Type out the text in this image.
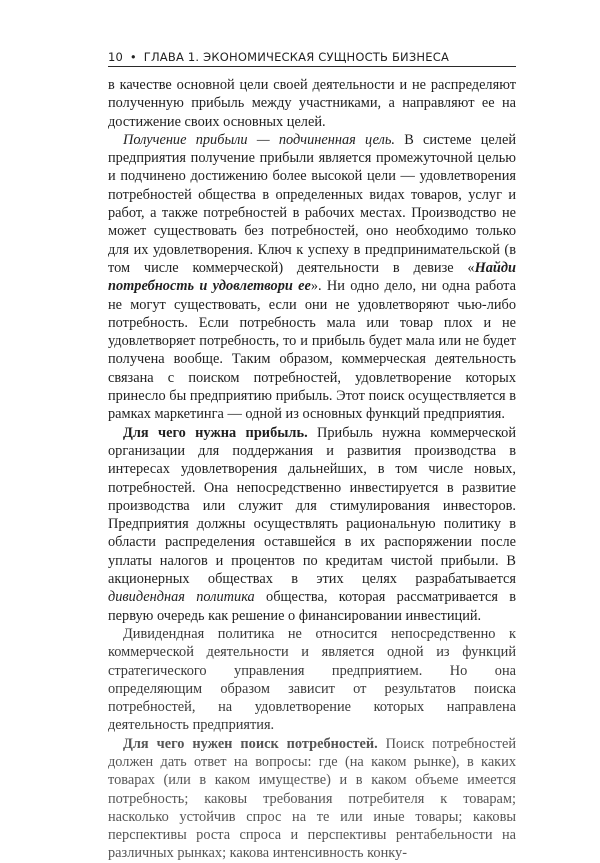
10 • ГЛАВА 1. ЭКОНОМИЧЕСКАЯ СУЩНОСТЬ БИЗНЕСА

в качестве основной цели своей деятельности и не распределяют полученную прибыль между участниками, а направляют ее на достижение своих основных целей.

Получение прибыли — подчиненная цель. В системе целей предприятия получение прибыли является промежуточной целью и подчинено достижению более высокой цели — удовлетворения потребностей общества в определенных видах товаров, услуг и работ, а также потребностей в рабочих местах. Производство не может существовать без потребностей, оно необходимо только для их удовлетворения. Ключ к успеху в предпринимательской (в том числе коммерческой) деятельности в девизе «Найди потребность и удовлетвори ее». Ни одно дело, ни одна работа не могут существовать, если они не удовлетворяют чью-либо потребность. Если потребность мала или товар плох и не удовлетворяет потребность, то и прибыль будет мала или не будет получена вообще. Таким образом, коммерческая деятельность связана с поиском потребностей, удовлетворение которых принесло бы предприятию прибыль. Этот поиск осуществляется в рамках маркетинга — одной из основных функций предприятия.

Для чего нужна прибыль. Прибыль нужна коммерческой организации для поддержания и развития производства в интересах удовлетворения дальнейших, в том числе новых, потребностей. Она непосредственно инвестируется в развитие производства или служит для стимулирования инвесторов. Предприятия должны осуществлять рациональную политику в области распределения оставшейся в их распоряжении после уплаты налогов и процентов по кредитам чистой прибыли. В акционерных обществах в этих целях разрабатывается дивидендная политика общества, которая рассматривается в первую очередь как решение о финансировании инвестиций.

Дивидендная политика не относится непосредственно к коммерческой деятельности и является одной из функций стратегического управления предприятием. Но она определяющим образом зависит от результатов поиска потребностей, на удовлетворение которых направлена деятельность предприятия.

Для чего нужен поиск потребностей. Поиск потребностей должен дать ответ на вопросы: где (на каком рынке), в каких товарах (или в каком имуществе) и в каком объеме имеется потребность; каковы требования потребителя к товарам; насколько устойчив спрос на те или иные товары; каковы перспективы роста спроса и перспективы рентабельности на различных рынках; какова интенсивность конку-
